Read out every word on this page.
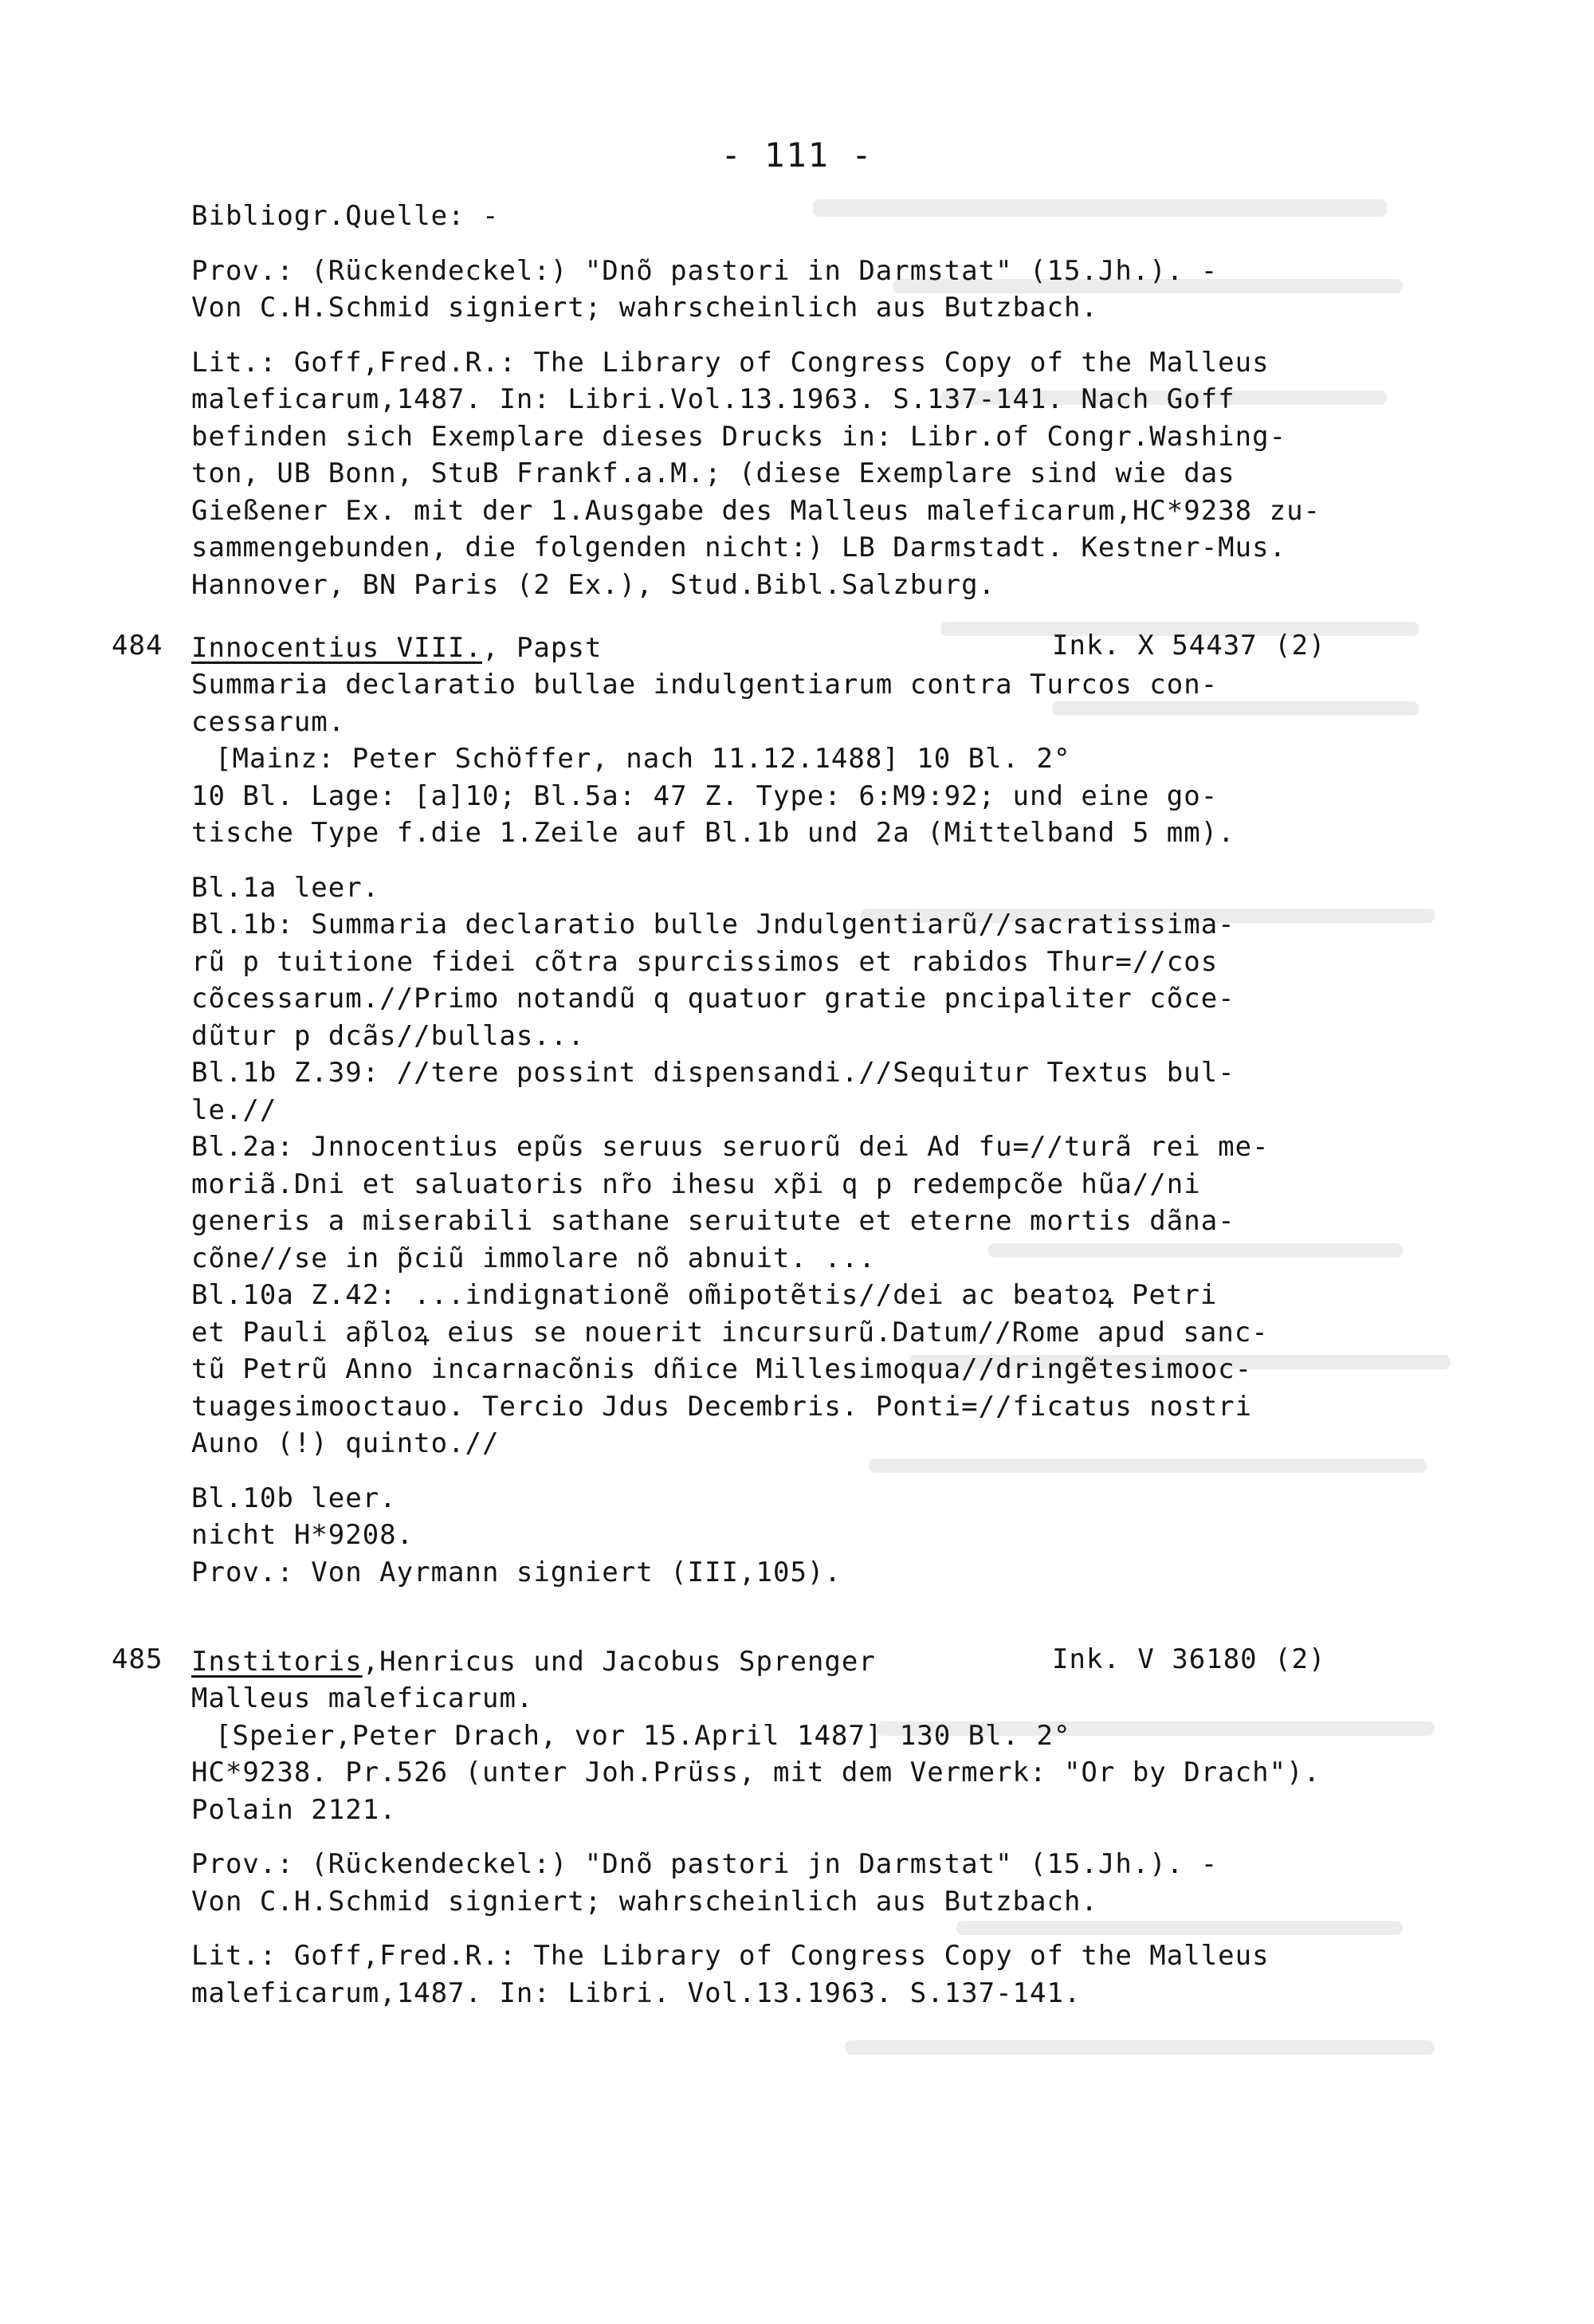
- 111 -
Bibliogr.Quelle: -
Prov.: (Rückendeckel:) "Dnõ pastori in Darmstat" (15.Jh.). -
Von C.H.Schmid signiert; wahrscheinlich aus Butzbach.
Lit.: Goff,Fred.R.: The Library of Congress Copy of the Malleus
maleficarum,1487. In: Libri.Vol.13.1963. S.137-141. Nach Goff
befinden sich Exemplare dieses Drucks in: Libr.of Congr.Washing-
ton, UB Bonn, StuB Frankf.a.M.; (diese Exemplare sind wie das
Gießener Ex. mit der 1.Ausgabe des Malleus maleficarum,HC*9238 zu-
sammengebunden, die folgenden nicht:) LB Darmstadt. Kestner-Mus.
Hannover, BN Paris (2 Ex.), Stud.Bibl.Salzburg.
484 Innocentius VIII., Papst	Ink. X 54437 (2)
Summaria declaratio bullae indulgentiarum contra Turcos con-
cessarum.
[Mainz: Peter Schöffer, nach 11.12.1488] 10 Bl. 2°
10 Bl. Lage: [a]10; Bl.5a: 47 Z. Type: 6:M9:92; und eine go-
tische Type f.die 1.Zeile auf Bl.1b und 2a (Mittelband 5 mm).
Bl.1a leer.
Bl.1b: Summaria declaratio bulle Jndulgentiarũ//sacratissima-
rũ p tuitione fidei cõtra spurcissimos et rabidos Thur=//cos
cõcessarum.//Primo notandũ q quatuor gratie pncipaliter cõce-
dũtur p dcãs//bullas...
Bl.1b Z.39: //tere possint dispensandi.//Sequitur Textus bul-
le.//
Bl.2a: Jnnocentius epũs seruus seruorũ dei Ad fu=//turã rei me-
moriã.Dni et saluatoris nr̃o ihesu xp̃i q p redempcõe hũa//ni
generis a miserabili sathane seruitute et eterne mortis dãna-
cõne//se in p̃ciũ immolare nõ abnuit. ...
Bl.10a Z.42: ...indignationẽ om̃ipotẽtis//dei ac beatoꝝ Petri
et Pauli ap̃loꝝ eius se nouerit incursurũ.Datum//Rome apud sanc-
tũ Petrũ Anno incarnacõnis dñice Millesimoqua//dringẽtesimooc-
tuagesimooctauo. Tercio Jdus Decembris. Ponti=//ficatus nostri
Auno (!) quinto.//
Bl.10b leer.
nicht H*9208.
Prov.: Von Ayrmann signiert (III,105).
485 Institoris,Henricus und Jacobus Sprenger	Ink. V 36180 (2)
Malleus maleficarum.
[Speier,Peter Drach, vor 15.April 1487] 130 Bl. 2°
HC*9238. Pr.526 (unter Joh.Prüss, mit dem Vermerk: "Or by Drach").
Polain 2121.
Prov.: (Rückendeckel:) "Dnõ pastori jn Darmstat" (15.Jh.). -
Von C.H.Schmid signiert; wahrscheinlich aus Butzbach.
Lit.: Goff,Fred.R.: The Library of Congress Copy of the Malleus
maleficarum,1487. In: Libri. Vol.13.1963. S.137-141.
